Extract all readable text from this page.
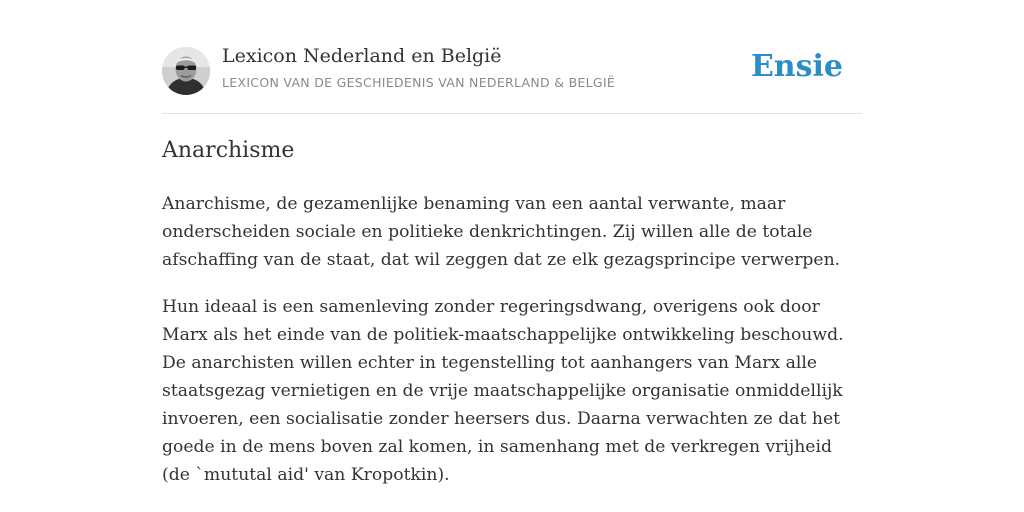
Lexicon Nederland en België
LEXICON VAN DE GESCHIEDENIS VAN NEDERLAND & BELGIË	Ensie
Anarchisme

Anarchisme, de gezamenlijke benaming van een aantal verwante, maar onderscheiden sociale en politieke denkrichtingen. Zij willen alle de totale afschaffing van de staat, dat wil zeggen dat ze elk gezagsprincipe verwerpen.

Hun ideaal is een samenleving zonder regeringsdwang, overigens ook door Marx als het einde van de politiek-maatschappelijke ontwikkeling beschouwd. De anarchisten willen echter in tegenstelling tot aanhangers van Marx alle staatsgezag vernietigen en de vrije maatschappelijke organisatie onmiddellijk invoeren, een socialisatie zonder heersers dus. Daarna verwachten ze dat het goede in de mens boven zal komen, in samenhang met de verkregen vrijheid (de `mututal aid' van Kropotkin).
